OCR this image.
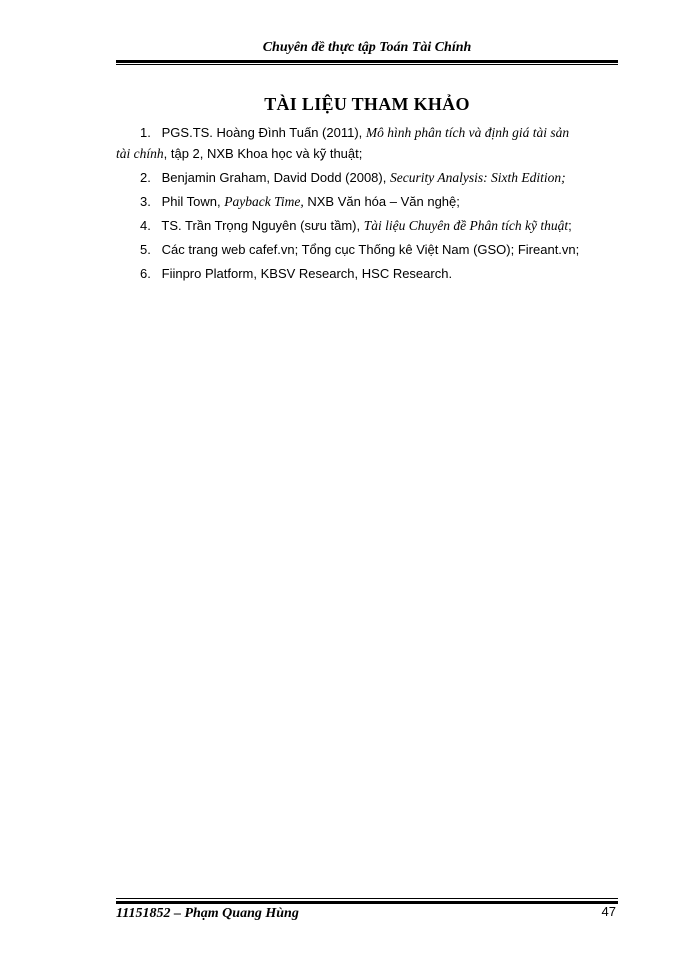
Chuyên đề thực tập Toán Tài Chính
TÀI LIỆU THAM KHẢO
1. PGS.TS. Hoàng Đình Tuấn (2011), Mô hình phân tích và định giá tài sản
tài chính, tập 2, NXB Khoa học và kỹ thuật;
2. Benjamin Graham, David Dodd (2008), Security Analysis: Sixth Edition;
3. Phil Town, Payback Time, NXB Văn hóa – Văn nghệ;
4. TS. Trần Trọng Nguyên (sưu tầm), Tài liệu Chuyên đề Phân tích kỹ thuật;
5. Các trang web cafef.vn; Tổng cục Thống kê Việt Nam (GSO); Fireant.vn;
6. Fiinpro Platform, KBSV Research, HSC Research.
11151852 – Phạm Quang Hùng	47
